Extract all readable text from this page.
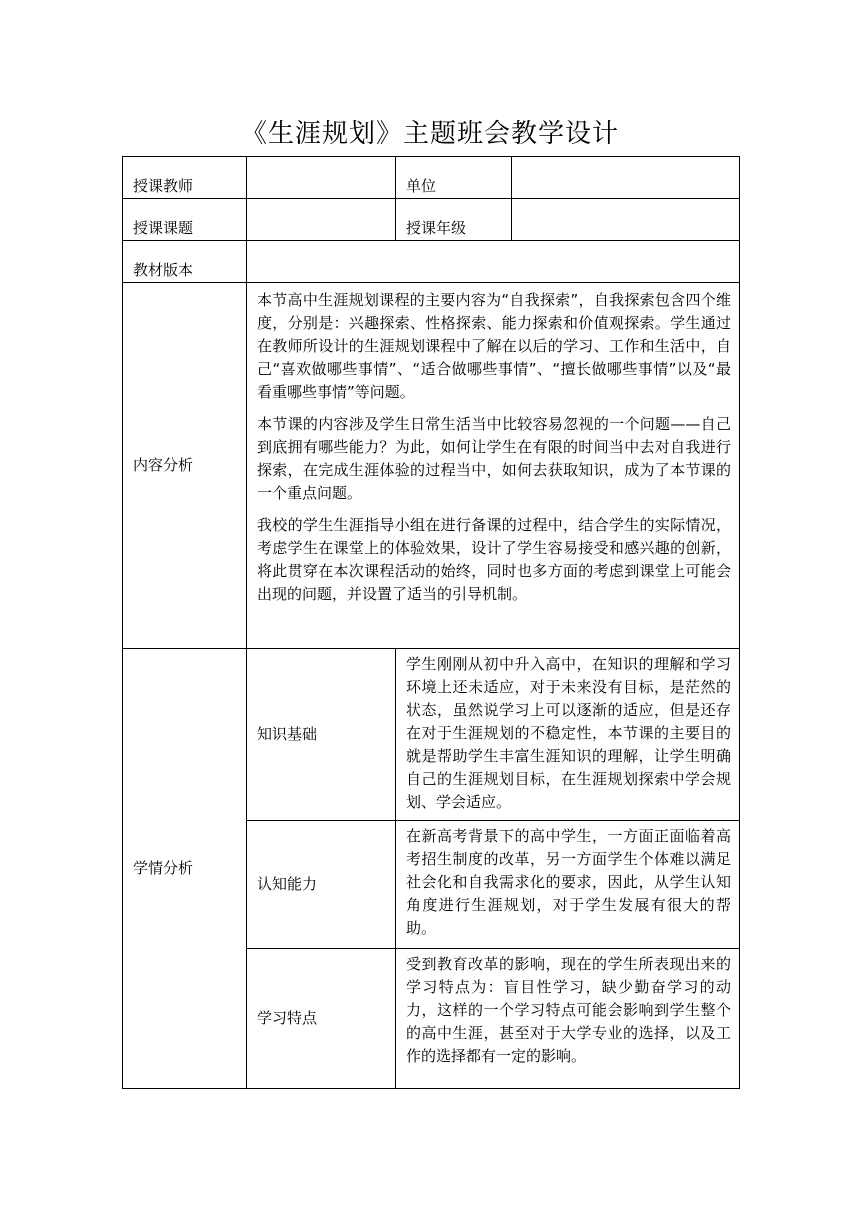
《生涯规划》主题班会教学设计
授课教师		单位	

授课课题		授课年级	

教材版本			

内容分析	本节高中生涯规划课程的主要内容为“自我探索”，自我探索包含四个维度，分别是：兴趣探索、性格探索、能力探索和价值观探索。学生通过在教师所设计的生涯规划课程中了解在以后的学习、工作和生活中，自己“喜欢做哪些事情”、“适合做哪些事情”、“擅长做哪些事情”以及“最看重哪些事情”等问题。

本节课的内容涉及学生日常生活当中比较容易忽视的一个问题——自己到底拥有哪些能力？为此，如何让学生在有限的时间当中去对自我进行探索，在完成生涯体验的过程当中，如何去获取知识，成为了本节课的一个重点问题。

我校的学生生涯指导小组在进行备课的过程中，结合学生的实际情况，考虑学生在课堂上的体验效果，设计了学生容易接受和感兴趣的创新，将此贯穿在本次课程活动的始终，同时也多方面的考虑到课堂上可能会出现的问题，并设置了适当的引导机制。		

学情分析	知识基础	学生刚刚从初中升入高中，在知识的理解和学习环境上还未适应，对于未来没有目标，是茫然的状态，虽然说学习上可以逐渐的适应，但是还存在对于生涯规划的不稳定性，本节课的主要目的就是帮助学生丰富生涯知识的理解，让学生明确自己的生涯规划目标，在生涯规划探索中学会规划、学会适应。	
	认知能力	在新高考背景下的高中学生，一方面正面临着高考招生制度的改革，另一方面学生个体难以满足社会化和自我需求化的要求，因此，从学生认知角度进行生涯规划，对于学生发展有很大的帮助。	
	学习特点	受到教育改革的影响，现在的学生所表现出来的学习特点为：盲目性学习，缺少勤奋学习的动力，这样的一个学习特点可能会影响到学生整个的高中生涯，甚至对于大学专业的选择，以及工作的选择都有一定的影响。	
